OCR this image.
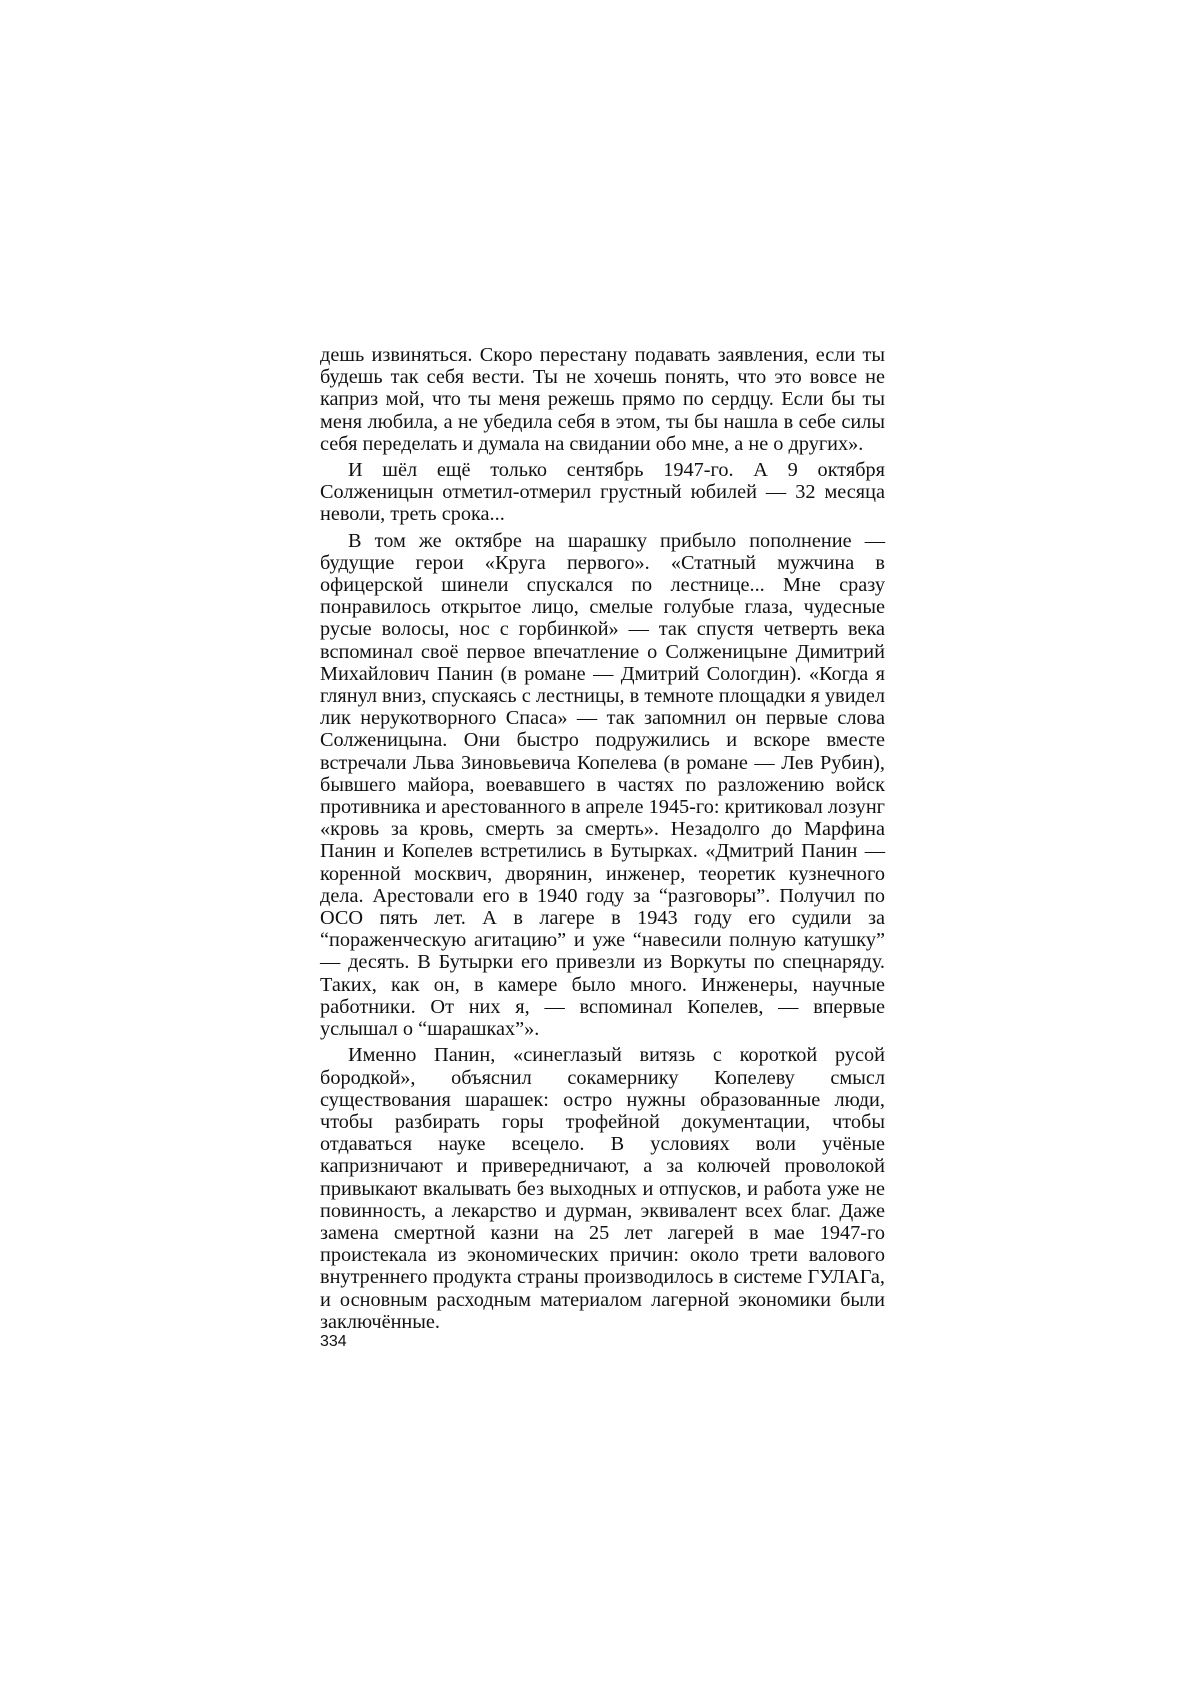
дешь извиняться. Скоро перестану подавать заявления, если ты будешь так себя вести. Ты не хочешь понять, что это вовсе не каприз мой, что ты меня режешь прямо по сердцу. Если бы ты меня любила, а не убедила себя в этом, ты бы нашла в себе силы себя переделать и думала на свидании обо мне, а не о других».

И шёл ещё только сентябрь 1947-го. А 9 октября Солженицын отметил-отмерил грустный юбилей — 32 месяца неволи, треть срока...

В том же октябре на шарашку прибыло пополнение — будущие герои «Круга первого». «Статный мужчина в офицерской шинели спускался по лестнице... Мне сразу понравилось открытое лицо, смелые голубые глаза, чудесные русые волосы, нос с горбинкой» — так спустя четверть века вспоминал своё первое впечатление о Солженицыне Димитрий Михайлович Панин (в романе — Дмитрий Сологдин). «Когда я глянул вниз, спускаясь с лестницы, в темноте площадки я увидел лик нерукотворного Спаса» — так запомнил он первые слова Солженицына. Они быстро подружились и вскоре вместе встречали Льва Зиновьевича Копелева (в романе — Лев Рубин), бывшего майора, воевавшего в частях по разложению войск противника и арестованного в апреле 1945-го: критиковал лозунг «кровь за кровь, смерть за смерть». Незадолго до Марфина Панин и Копелев встретились в Бутырках. «Дмитрий Панин — коренной москвич, дворянин, инженер, теоретик кузнечного дела. Арестовали его в 1940 году за “разговоры”. Получил по ОСО пять лет. А в лагере в 1943 году его судили за “пораженческую агитацию” и уже “навесили полную катушку” — десять. В Бутырки его привезли из Воркуты по спецнаряду. Таких, как он, в камере было много. Инженеры, научные работники. От них я, — вспоминал Копелев, — впервые услышал о “шарашках”».

Именно Панин, «синеглазый витязь с короткой русой бородкой», объяснил сокамернику Копелеву смысл существования шарашек: остро нужны образованные люди, чтобы разбирать горы трофейной документации, чтобы отдаваться науке всецело. В условиях воли учёные капризничают и привередничают, а за колючей проволокой привыкают вкалывать без выходных и отпусков, и работа уже не повинность, а лекарство и дурман, эквивалент всех благ. Даже замена смертной казни на 25 лет лагерей в мае 1947-го проистекала из экономических причин: около трети валового внутреннего продукта страны производилось в системе ГУЛАГа, и основным расходным материалом лагерной экономики были заключённые.

334
